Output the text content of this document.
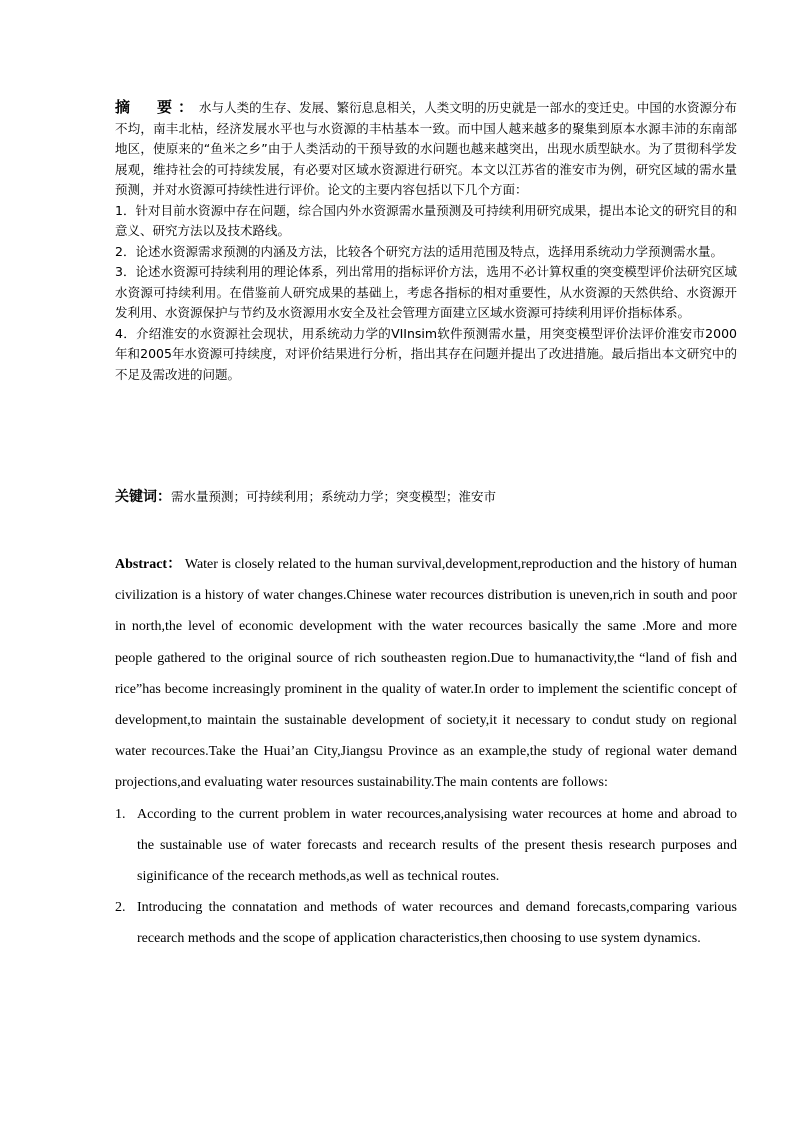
摘　要：水与人类的生存、发展、繁衍息息相关，人类文明的历史就是一部水的变迁史。中国的水资源分布不均，南丰北枯，经济发展水平也与水资源的丰枯基本一致。而中国人越来越多的聚集到原本水源丰沛的东南部地区，使原来的“鱼米之乡”由于人类活动的干预导致的水问题也越来越突出，出现水质型缺水。为了贯彻科学发展观，维持社会的可持续发展，有必要对区域水资源进行研究。本文以江苏省的淮安市为例，研究区域的需水量预测，并对水资源可持续性进行评价。论文的主要内容包括以下几个方面：

1．针对目前水资源中存在问题，综合国内外水资源需水量预测及可持续利用研究成果，提出本论文的研究目的和意义、研究方法以及技术路线。

2．论述水资源需求预测的内涵及方法，比较各个研究方法的适用范围及特点，选择用系统动力学预测需水量。

3．论述水资源可持续利用的理论体系，列出常用的指标评价方法，选用不必计算权重的突变模型评价法研究区域水资源可持续利用。在借鉴前人研究成果的基础上，考虑各指标的相对重要性，从水资源的天然供给、水资源开发利用、水资源保护与节约及水资源用水安全及社会管理方面建立区域水资源可持续利用评价指标体系。

4．介绍淮安的水资源社会现状，用系统动力学的VIInsim软件预测需水量，用突变模型评价法评价淮安市2000年和2005年水资源可持续度，对评价结果进行分析，指出其存在问题并提出了改进措施。最后指出本文研究中的不足及需改进的问题。

关键词：需水量预测；可持续利用；系统动力学；突变模型；淮安市

Abstract： Water is closely related to the human survival,development,reproduction and the history of human civilization is a history of water changes.Chinese water recources distribution is uneven,rich in south and poor in north,the level of economic development with the water recources basically the same .More and more people gathered to the original source of rich southeasten region.Due to humanactivity,the “land of fish and rice”has become increasingly prominent in the quality of water.In order to implement the scientific concept of development,to maintain the sustainable development of society,it it necessary to condut study on regional water recources.Take the Huai’an City,Jiangsu Province as an example,the study of regional water demand projections,and evaluating water resources sustainability.The main contents are follows:

1. According to the current problem in water recources,analysising water recources at home and abroad to the sustainable use of water forecasts and recearch results of the present thesis research purposes and siginificance of the recearch methods,as well as technical routes.
2. Introducing the connatation and methods of water recources and demand forecasts,comparing various recearch methods and the scope of application characteristics,then choosing to use system dynamics.
